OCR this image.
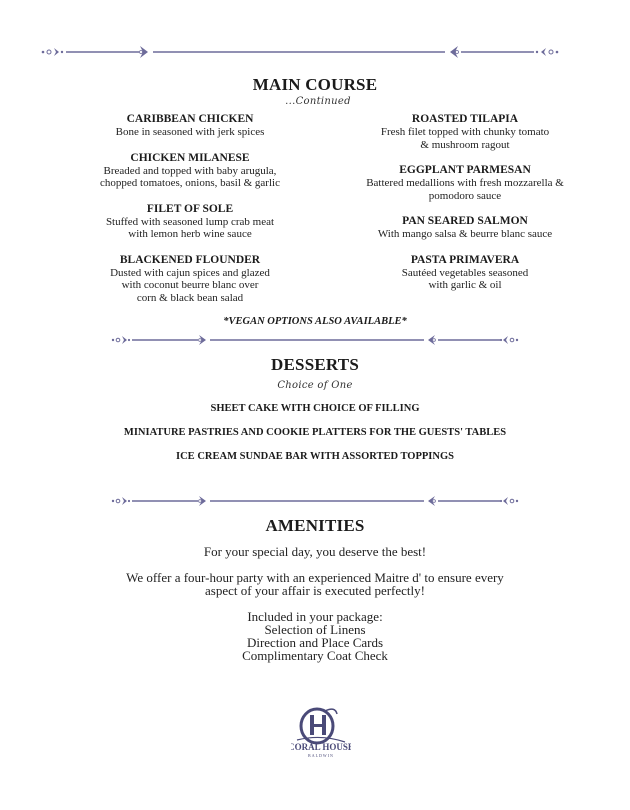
MAIN COURSE
...Continued
CARIBBEAN CHICKEN
Bone in seasoned with jerk spices
CHICKEN MILANESE
Breaded and topped with baby arugula,
chopped tomatoes, onions, basil & garlic
FILET OF SOLE
Stuffed with seasoned lump crab meat
with lemon herb wine sauce
BLACKENED FLOUNDER
Dusted with cajun spices and glazed
with coconut beurre blanc over
corn & black bean salad
ROASTED TILAPIA
Fresh filet topped with chunky tomato
& mushroom ragout
EGGPLANT PARMESAN
Battered medallions with fresh mozzarella &
pomodoro sauce
PAN SEARED SALMON
With mango salsa & beurre blanc sauce
PASTA PRIMAVERA
Sautéed vegetables seasoned
with garlic & oil
*VEGAN OPTIONS ALSO AVAILABLE*
DESSERTS
Choice of One
SHEET CAKE WITH CHOICE OF FILLING
MINIATURE PASTRIES AND COOKIE PLATTERS FOR THE GUESTS' TABLES
ICE CREAM SUNDAE BAR WITH ASSORTED TOPPINGS
AMENITIES
For your special day, you deserve the best!
We offer a four-hour party with an experienced Maitre d' to ensure every
aspect of your affair is executed perfectly!
Included in your package:
Selection of Linens
Direction and Place Cards
Complimentary Coat Check
CORAL HOUSE
BALDWIN
